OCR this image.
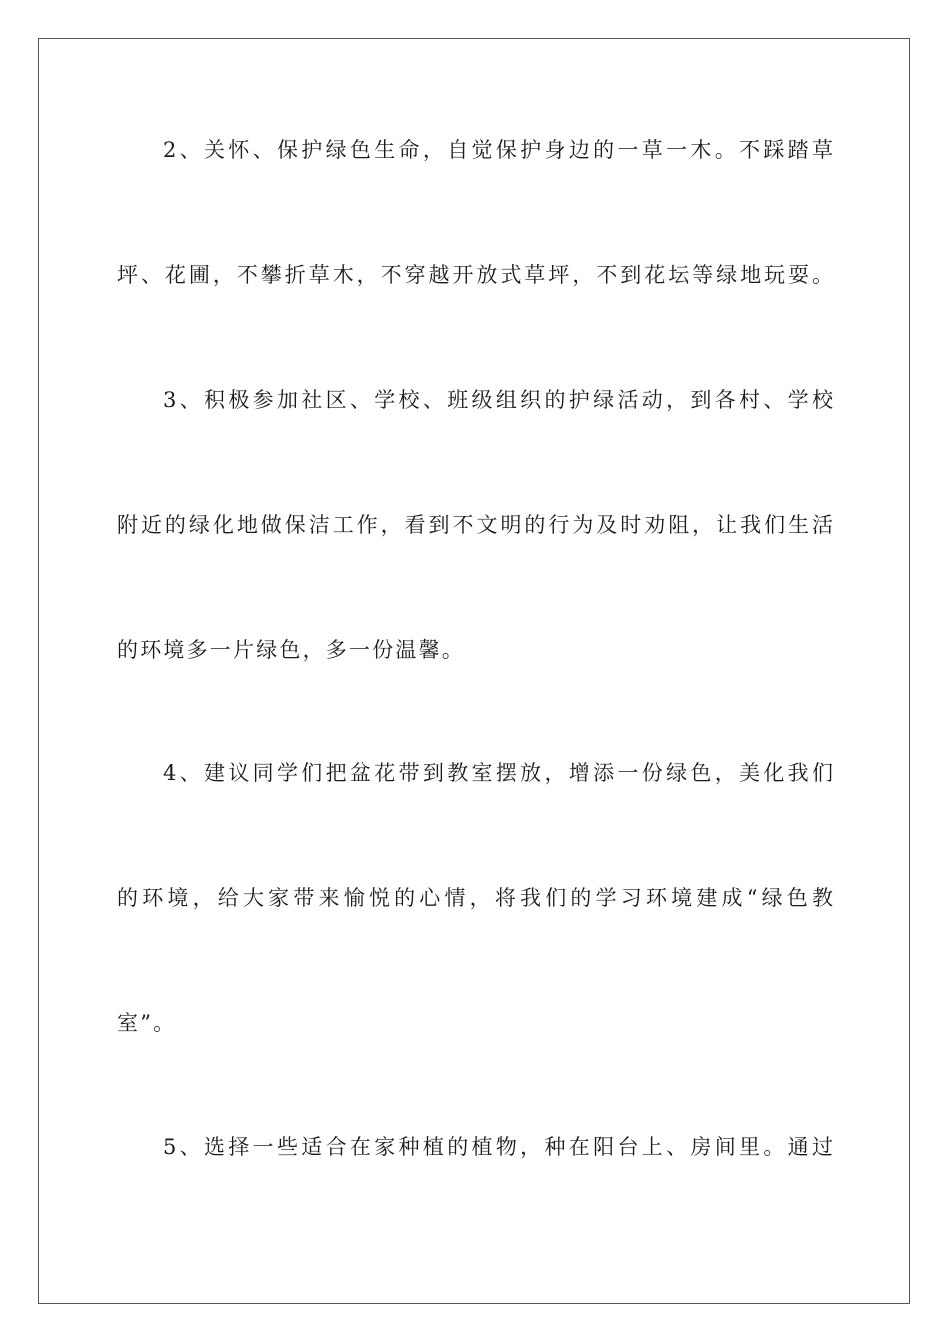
2、关怀、保护绿色生命，自觉保护身边的一草一木。不踩踏草
坪、花圃，不攀折草木，不穿越开放式草坪，不到花坛等绿地玩耍。
3、积极参加社区、学校、班级组织的护绿活动，到各村、学校
附近的绿化地做保洁工作，看到不文明的行为及时劝阻，让我们生活
的环境多一片绿色，多一份温馨。
4、建议同学们把盆花带到教室摆放，增添一份绿色，美化我们
的环境，给大家带来愉悦的心情，将我们的学习环境建成“绿色教
室”。
5、选择一些适合在家种植的植物，种在阳台上、房间里。通过
